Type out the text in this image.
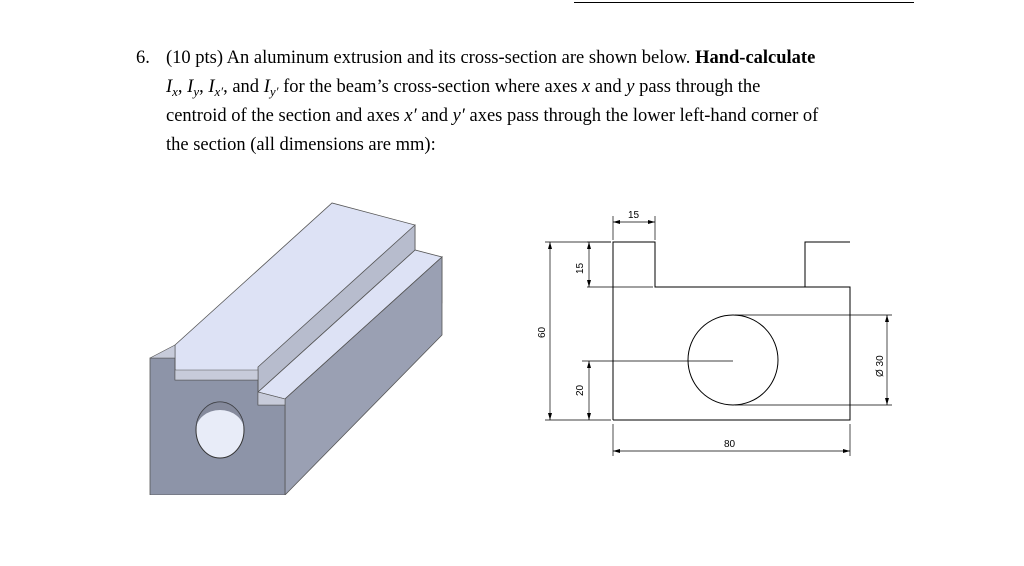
6. (10 pts) An aluminum extrusion and its cross-section are shown below. Hand-calculate
$I_x$, $I_y$, $I_{x'}$, and $I_{y'}$ for the beam’s cross-section where axes x and y pass through the
centroid of the section and axes x′ and y′ axes pass through the lower left-hand corner of
the section (all dimensions are mm):
15
15
60
20
80
Ø 30
